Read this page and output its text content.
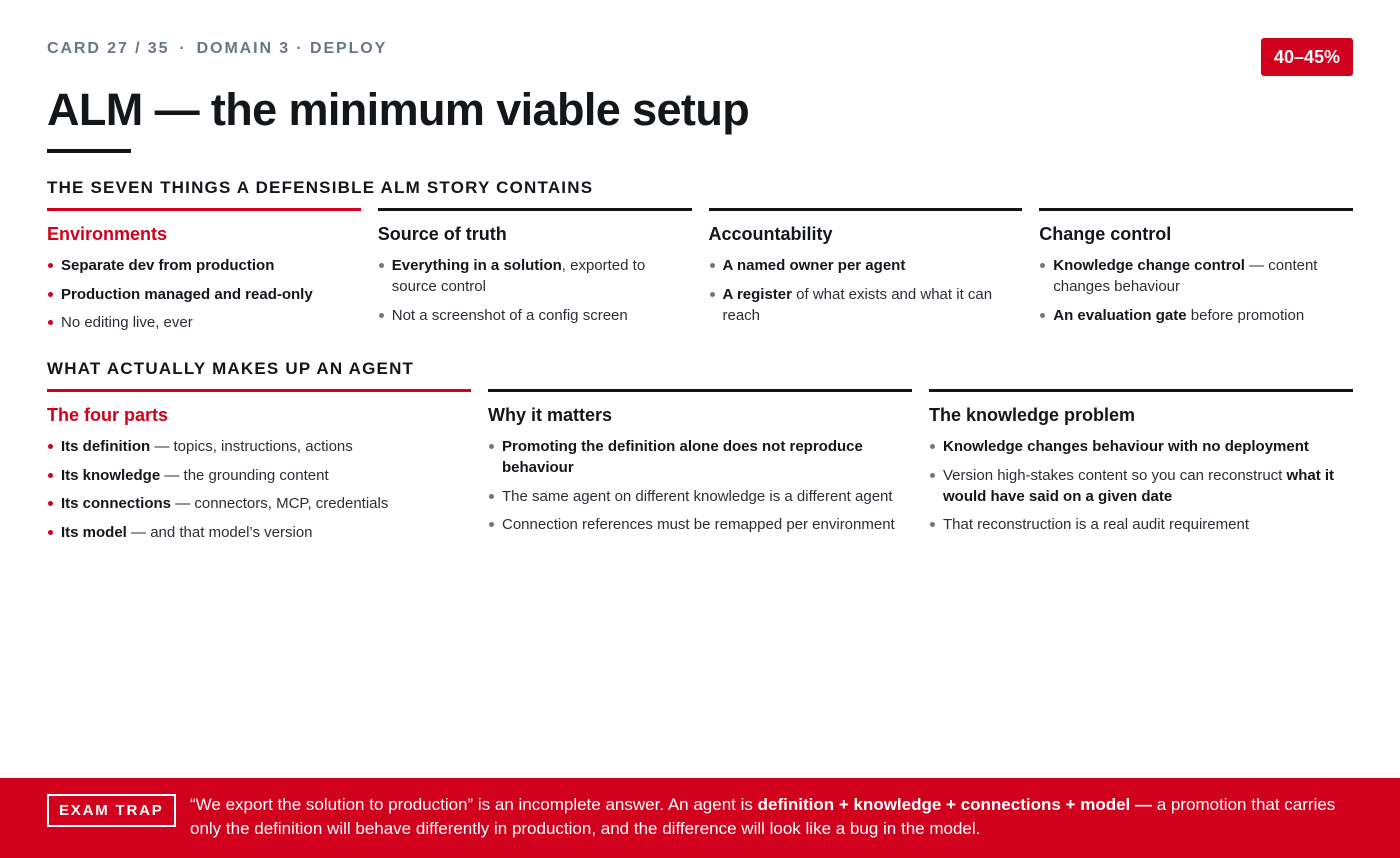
CARD 27 / 35 · DOMAIN 3 · DEPLOY	40–45%
ALM — the minimum viable setup
THE SEVEN THINGS A DEFENSIBLE ALM STORY CONTAINS
Environments
Separate dev from production
Production managed and read-only
No editing live, ever
Source of truth
Everything in a solution, exported to source control
Not a screenshot of a config screen
Accountability
A named owner per agent
A register of what exists and what it can reach
Change control
Knowledge change control — content changes behaviour
An evaluation gate before promotion
WHAT ACTUALLY MAKES UP AN AGENT
The four parts
Its definition — topics, instructions, actions
Its knowledge — the grounding content
Its connections — connectors, MCP, credentials
Its model — and that model’s version
Why it matters
Promoting the definition alone does not reproduce behaviour
The same agent on different knowledge is a different agent
Connection references must be remapped per environment
The knowledge problem
Knowledge changes behaviour with no deployment
Version high-stakes content so you can reconstruct what it would have said on a given date
That reconstruction is a real audit requirement
EXAM TRAP	“We export the solution to production” is an incomplete answer. An agent is definition + knowledge + connections + model — a promotion that carries only the definition will behave differently in production, and the difference will look like a bug in the model.
